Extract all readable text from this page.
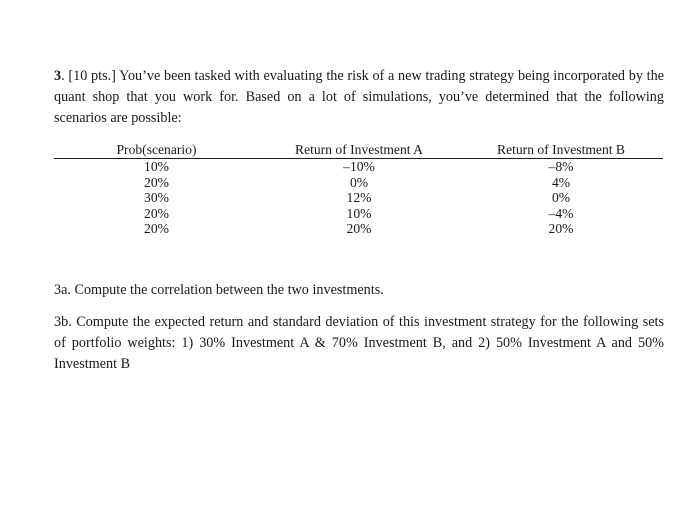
3. [10 pts.] You’ve been tasked with evaluating the risk of a new trading strategy being incorporated by the quant shop that you work for. Based on a lot of simulations, you’ve determined that the following scenarios are possible:
Prob(scenario)	Return of Investment A	Return of Investment B
10%	–10%	–8%
20%	0%	4%
30%	12%	0%
20%	10%	–4%
20%	20%	20%
3a. Compute the correlation between the two investments.
3b. Compute the expected return and standard deviation of this investment strategy for the following sets of portfolio weights: 1) 30% Investment A & 70% Investment B, and 2) 50% Investment A and 50% Investment B
